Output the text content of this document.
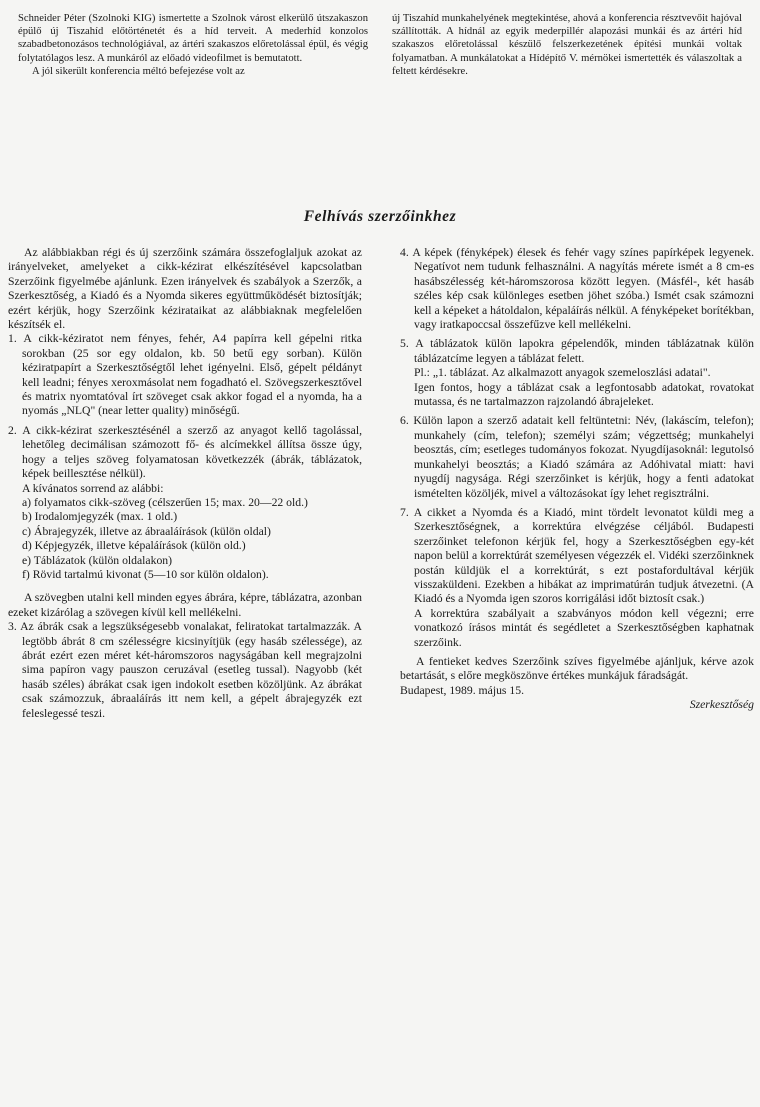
Schneider Péter (Szolnoki KIG) ismertette a Szolnok várost elkerülő útszakaszon épülő új Tiszahíd előtörténetét és a híd terveit. A mederhíd konzolos szabadbetonozásos technológiával, az ártéri szakaszos előretolással épül, és végig folytatólagos lesz. A munkáról az előadó videofilmet is bemutatott.

A jól sikerült konferencia méltó befejezése volt az

új Tiszahíd munkahelyének megtekintése, ahová a konferencia résztvevőit hajóval szállították. A hídnál az egyik mederpillér alapozási munkái és az ártéri híd szakaszos előretolással készülő felszerkezetének építési munkái voltak folyamatban. A munkálatokat a Hídépítő V. mérnökei ismertették és válaszoltak a feltett kérdésekre.

Felhívás szerzőinkhez

Az alábbiakban régi és új szerzőink számára összefoglaljuk azokat az irányelveket, amelyeket a cikk-kézirat elkészítésével kapcsolatban Szerzőink figyelmébe ajánlunk. Ezen irányelvek és szabályok a Szerzők, a Szerkesztőség, a Kiadó és a Nyomda sikeres együttműködését biztosítják; ezért kérjük, hogy Szerzőink kézirataikat az alábbiaknak megfelelően készítsék el.

1. A cikk-kéziratot nem fényes, fehér, A4 papírra kell gépelni ritka sorokban (25 sor egy oldalon, kb. 50 betű egy sorban). Külön kéziratpapírt a Szerkesztőségtől lehet igényelni. Első, gépelt példányt kell leadni; fényes xeroxmásolat nem fogadható el. Szövegszerkesztővel és matrix nyomtatóval írt szöveget csak akkor fogad el a nyomda, ha a nyomás „NLQ" (near letter quality) minőségű.

2. A cikk-kézirat szerkesztésénél a szerző az anyagot kellő tagolással, lehetőleg decimálisan számozott fő- és alcímekkel állítsa össze úgy, hogy a teljes szöveg folyamatosan következzék (ábrák, táblázatok, képek beillesztése nélkül).

A kívánatos sorrend az alábbi:

a) folyamatos cikk-szöveg (célszerűen 15; max. 20—22 old.)

b) Irodalomjegyzék (max. 1 old.)

c) Ábrajegyzék, illetve az ábraaláírások (külön oldal)

d) Képjegyzék, illetve képaláírások (külön old.)

e) Táblázatok (külön oldalakon)

f) Rövid tartalmú kivonat (5—10 sor külön oldalon).

A szövegben utalni kell minden egyes ábrára, képre, táblázatra, azonban ezeket kizárólag a szövegen kívül kell mellékelni.

3. Az ábrák csak a legszükségesebb vonalakat, feliratokat tartalmazzák. A legtöbb ábrát 8 cm szélességre kicsinyítjük (egy hasáb szélessége), az ábrát ezért ezen méret két-háromszoros nagyságában kell megrajzolni sima papíron vagy pauszon ceruzával (esetleg tussal). Nagyobb (két hasáb széles) ábrákat csak igen indokolt esetben közöljünk. Az ábrákat csak számozzuk, ábraaláírás itt nem kell, a gépelt ábrajegyzék ezt feleslegessé teszi.

4. A képek (fényképek) élesek és fehér vagy színes papírképek legyenek. Negatívot nem tudunk felhasználni. A nagyítás mérete ismét a 8 cm-es hasábszélesség két-háromszorosa között legyen. (Másfél-, két hasáb széles kép csak különleges esetben jöhet szóba.) Ismét csak számozni kell a képeket a hátoldalon, képaláírás nélkül. A fényképeket borítékban, vagy iratkapoccsal összefűzve kell mellékelni.

5. A táblázatok külön lapokra gépelendők, minden táblázatnak külön táblázatcíme legyen a táblázat felett.

Pl.: „1. táblázat. Az alkalmazott anyagok szemeloszlási adatai".

Igen fontos, hogy a táblázat csak a legfontosabb adatokat, rovatokat mutassa, és ne tartalmazzon rajzolandó ábrajeleket.

6. Külön lapon a szerző adatait kell feltüntetni: Név, (lakáscím, telefon); munkahely (cím, telefon); személyi szám; végzettség; munkahelyi beosztás, cím; esetleges tudományos fokozat. Nyugdíjasoknál: legutolsó munkahelyi beosztás; a Kiadó számára az Adóhivatal miatt: havi nyugdíj nagysága. Régi szerzőinket is kérjük, hogy a fenti adatokat ismételten közöljék, mivel a változásokat így lehet regisztrálni.

7. A cikket a Nyomda és a Kiadó, mint tördelt levonatot küldi meg a Szerkesztőségnek, a korrektúra elvégzése céljából. Budapesti szerzőinket telefonon kérjük fel, hogy a Szerkesztőségben egy-két napon belül a korrektúrát személyesen végezzék el. Vidéki szerzőinknek postán küldjük el a korrektúrát, s ezt postafordultával kérjük visszaküldeni. Ezekben a hibákat az imprimatúrán tudjuk átvezetni. (A Kiadó és a Nyomda igen szoros korrigálási időt biztosít csak.)

A korrektúra szabályait a szabványos módon kell végezni; erre vonatkozó írásos mintát és segédletet a Szerkesztőségben kaphatnak szerzőink.

A fentieket kedves Szerzőink szíves figyelmébe ajánljuk, kérve azok betartását, s előre megköszönve értékes munkájuk fáradságát.

Budapest, 1989. május 15.

Szerkesztőség
